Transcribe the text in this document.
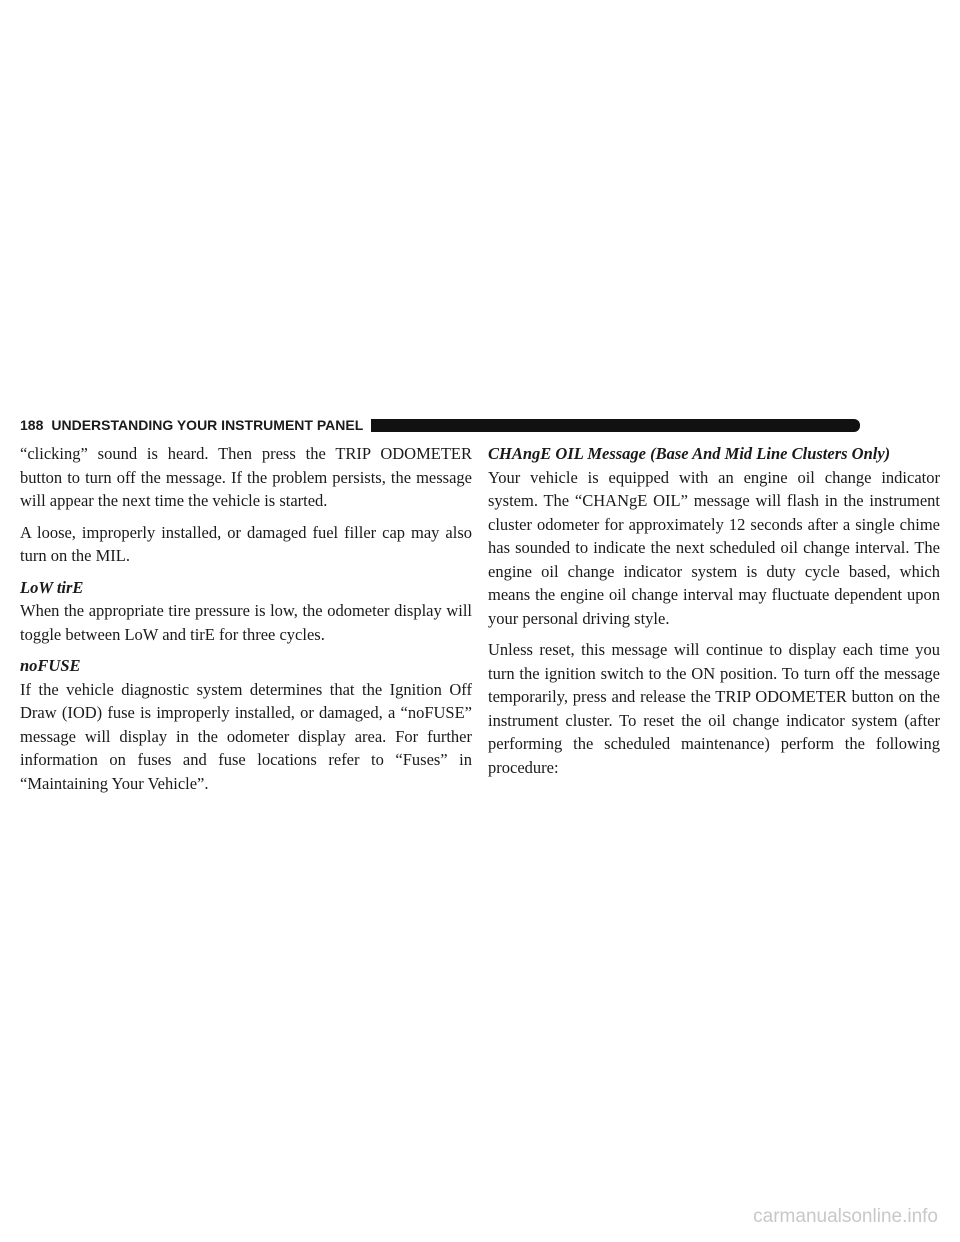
188 UNDERSTANDING YOUR INSTRUMENT PANEL

“clicking” sound is heard. Then press the TRIP ODOMETER button to turn off the message. If the problem persists, the message will appear the next time the vehicle is started.

A loose, improperly installed, or damaged fuel filler cap may also turn on the MIL.

LoW tirE

When the appropriate tire pressure is low, the odometer display will toggle between LoW and tirE for three cycles.

noFUSE

If the vehicle diagnostic system determines that the Ignition Off Draw (IOD) fuse is improperly installed, or damaged, a “noFUSE” message will display in the odometer display area. For further information on fuses and fuse locations refer to “Fuses” in “Maintaining Your Vehicle”.

CHAngE OIL Message (Base And Mid Line Clusters Only)

Your vehicle is equipped with an engine oil change indicator system. The “CHANgE OIL” message will flash in the instrument cluster odometer for approximately 12 seconds after a single chime has sounded to indicate the next scheduled oil change interval. The engine oil change indicator system is duty cycle based, which means the engine oil change interval may fluctuate dependent upon your personal driving style.

Unless reset, this message will continue to display each time you turn the ignition switch to the ON position. To turn off the message temporarily, press and release the TRIP ODOMETER button on the instrument cluster. To reset the oil change indicator system (after performing the scheduled maintenance) perform the following procedure:

carmanualsonline.info
